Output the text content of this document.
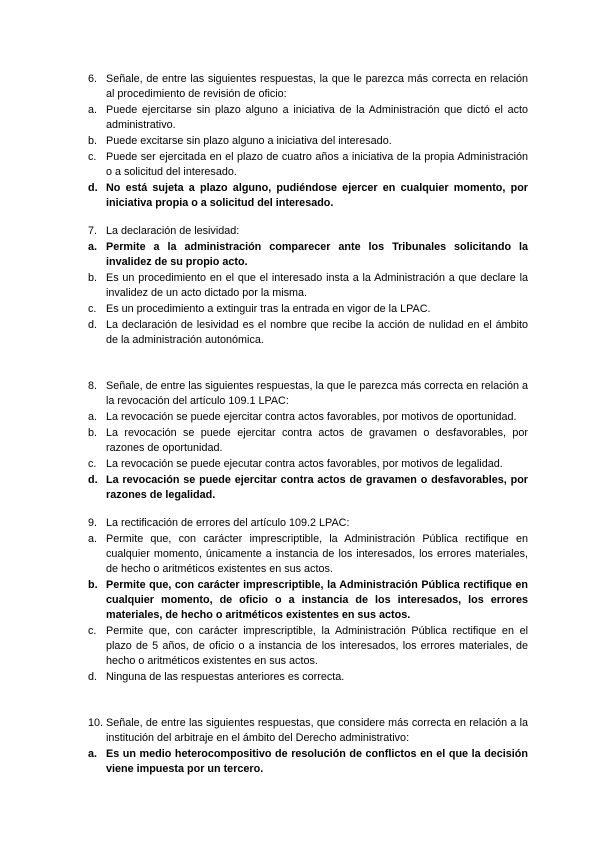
6. Señale, de entre las siguientes respuestas, la que le parezca más correcta en relación al procedimiento de revisión de oficio:
a. Puede ejercitarse sin plazo alguno a iniciativa de la Administración que dictó el acto administrativo.
b. Puede excitarse sin plazo alguno a iniciativa del interesado.
c. Puede ser ejercitada en el plazo de cuatro años a iniciativa de la propia Administración o a solicitud del interesado.
d. No está sujeta a plazo alguno, pudiéndose ejercer en cualquier momento, por iniciativa propia o a solicitud del interesado.
7. La declaración de lesividad:
a. Permite a la administración comparecer ante los Tribunales solicitando la invalidez de su propio acto.
b. Es un procedimiento en el que el interesado insta a la Administración a que declare la invalidez de un acto dictado por la misma.
c. Es un procedimiento a extinguir tras la entrada en vigor de la LPAC.
d. La declaración de lesividad es el nombre que recibe la acción de nulidad en el ámbito de la administración autonómica.
8. Señale, de entre las siguientes respuestas, la que le parezca más correcta en relación a la revocación del artículo 109.1 LPAC:
a. La revocación se puede ejercitar contra actos favorables, por motivos de oportunidad.
b. La revocación se puede ejercitar contra actos de gravamen o desfavorables, por razones de oportunidad.
c. La revocación se puede ejecutar contra actos favorables, por motivos de legalidad.
d. La revocación se puede ejercitar contra actos de gravamen o desfavorables, por razones de legalidad.
9. La rectificación de errores del artículo 109.2 LPAC:
a. Permite que, con carácter imprescriptible, la Administración Pública rectifique en cualquier momento, únicamente a instancia de los interesados, los errores materiales, de hecho o aritméticos existentes en sus actos.
b. Permite que, con carácter imprescriptible, la Administración Pública rectifique en cualquier momento, de oficio o a instancia de los interesados, los errores materiales, de hecho o aritméticos existentes en sus actos.
c. Permite que, con carácter imprescriptible, la Administración Pública rectifique en el plazo de 5 años, de oficio o a instancia de los interesados, los errores materiales, de hecho o aritméticos existentes en sus actos.
d. Ninguna de las respuestas anteriores es correcta.
10. Señale, de entre las siguientes respuestas, que considere más correcta en relación a la institución del arbitraje en el ámbito del Derecho administrativo:
a. Es un medio heterocompositivo de resolución de conflictos en el que la decisión viene impuesta por un tercero.
